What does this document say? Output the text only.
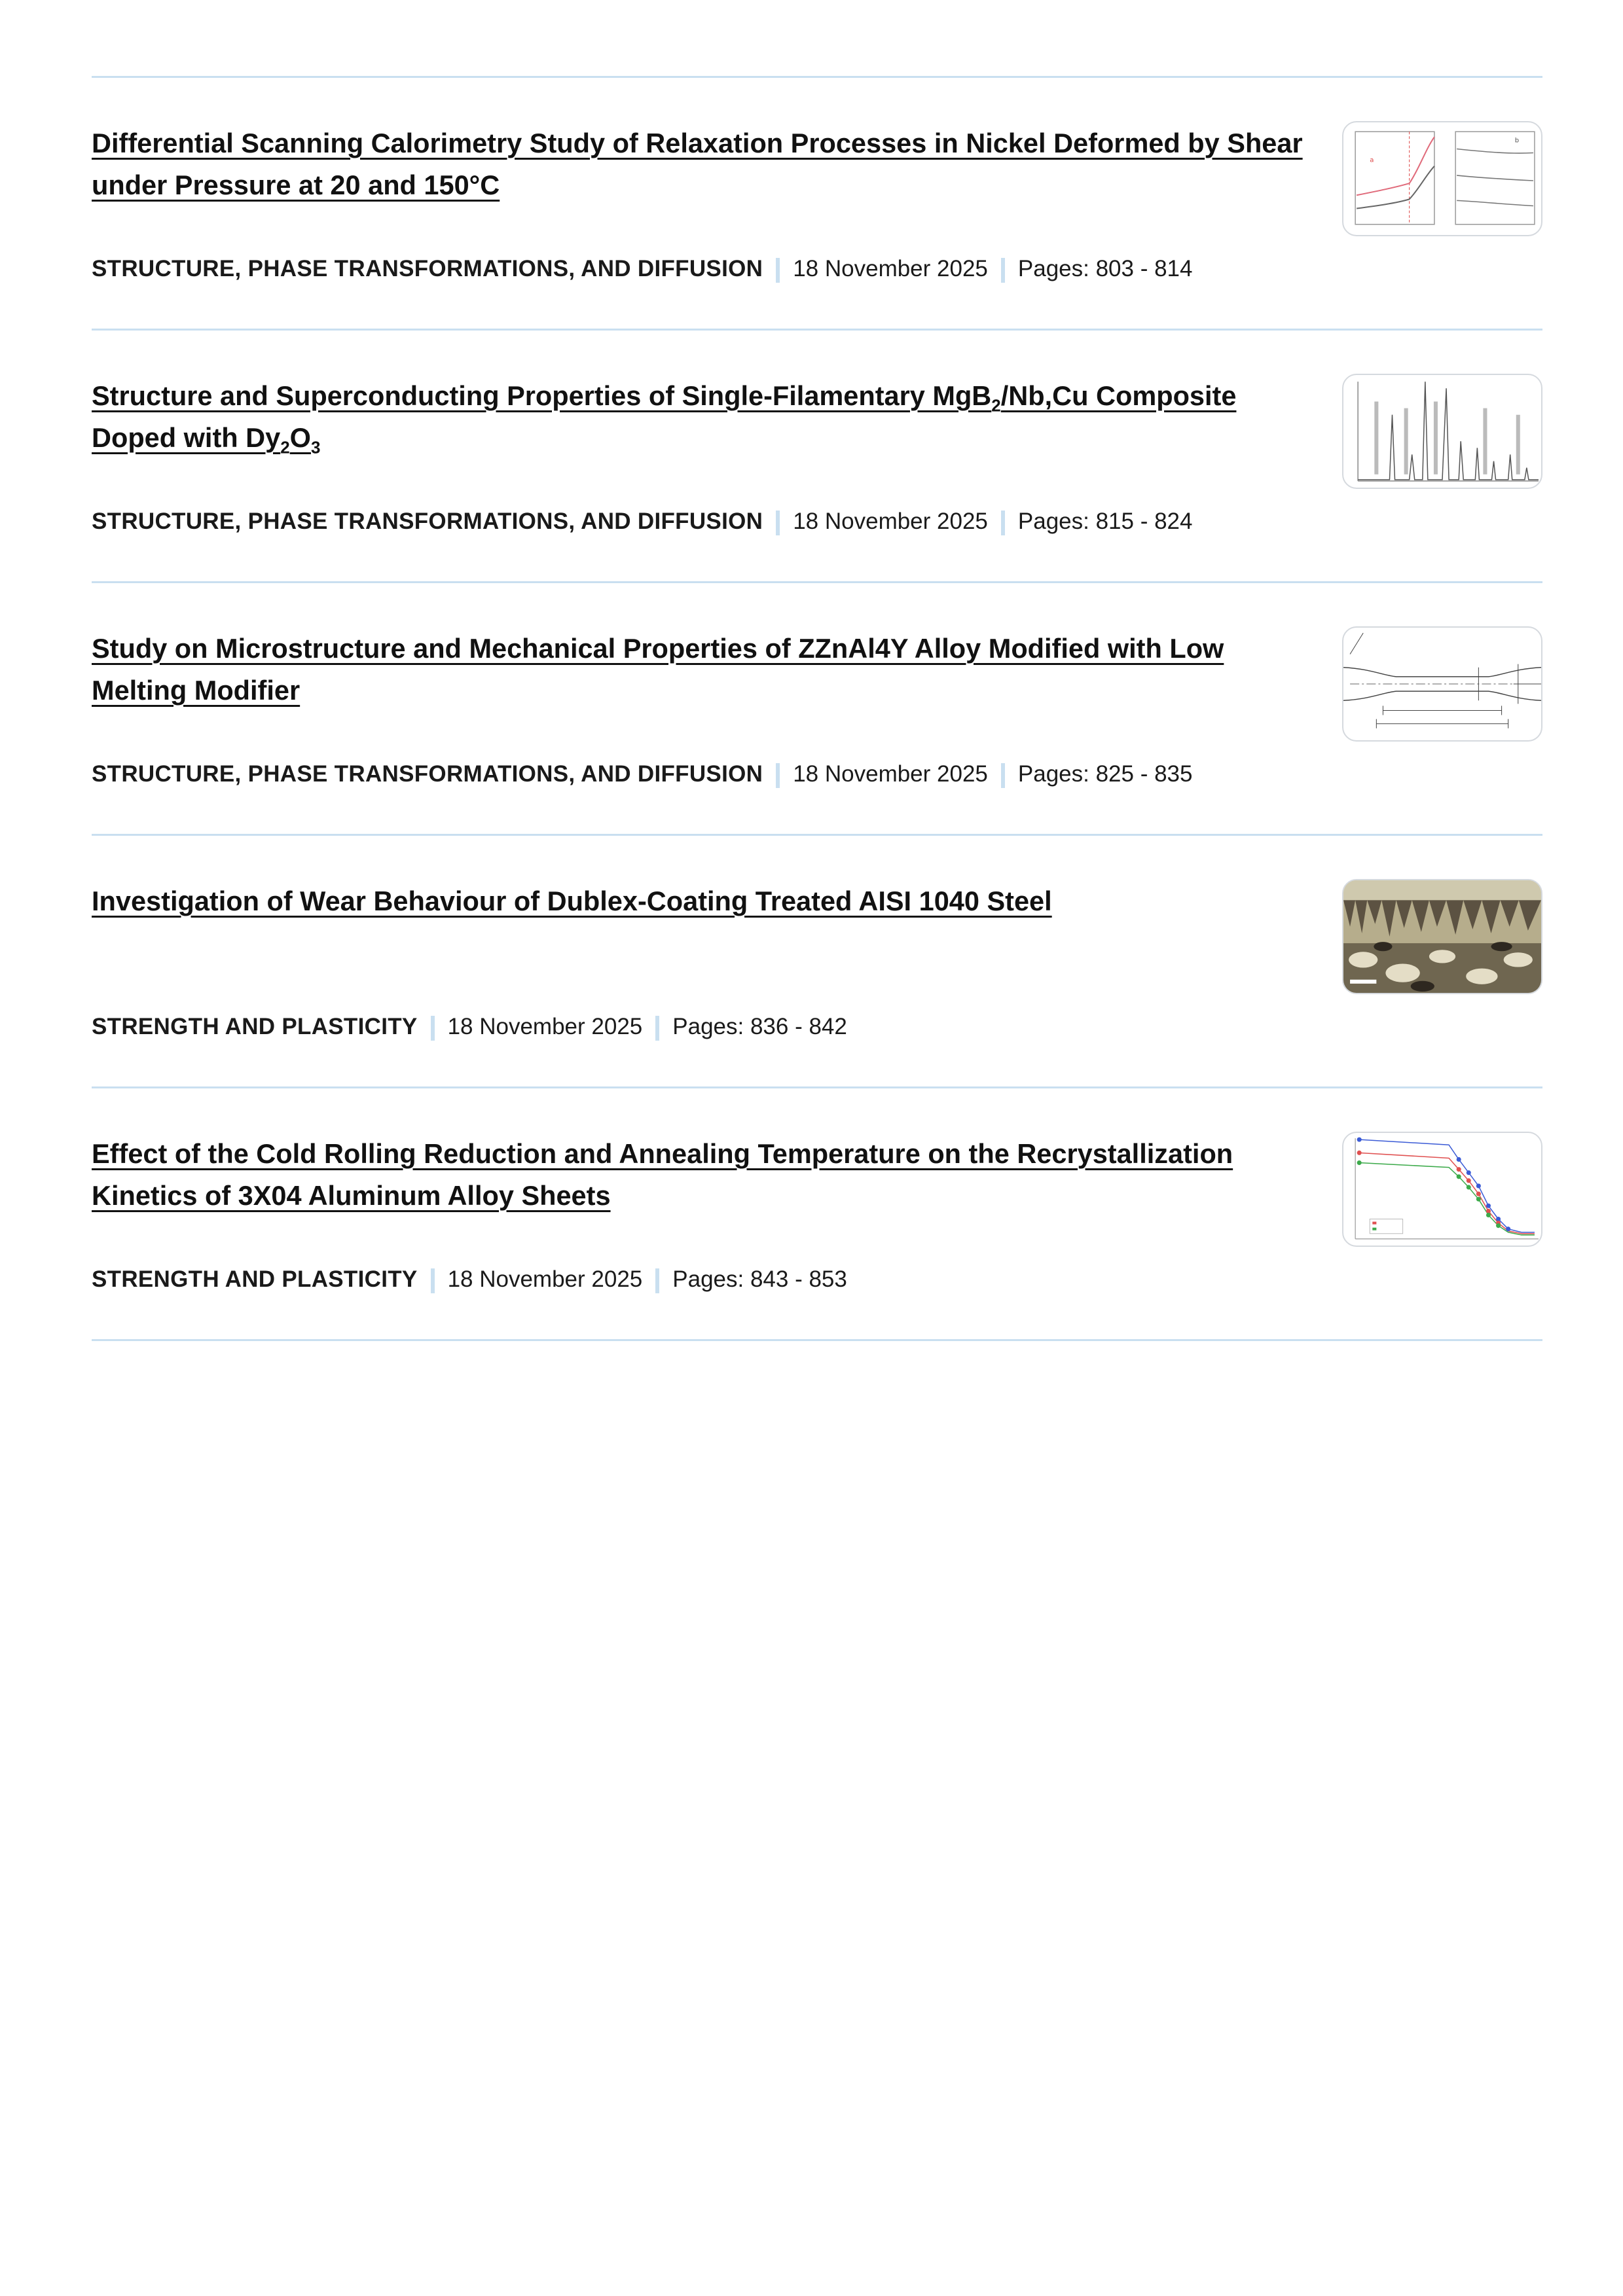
Differential Scanning Calorimetry Study of Relaxation Processes in Nickel Deformed by Shear under Pressure at 20 and 150°C
STRUCTURE, PHASE TRANSFORMATIONS, AND DIFFUSION 18 November 2025 Pages: 803 - 814
a
b
Structure and Superconducting Properties of Single-Filamentary MgB$_2$/Nb,Cu Composite Doped with $Dy_2O_3$
STRUCTURE, PHASE TRANSFORMATIONS, AND DIFFUSION 18 November 2025 Pages: 815 - 824
Study on Microstructure and Mechanical Properties of ZZnAl4Y Alloy Modified with Low Melting Modifier
STRUCTURE, PHASE TRANSFORMATIONS, AND DIFFUSION 18 November 2025 Pages: 825 - 835
Investigation of Wear Behaviour of Dublex-Coating Treated AISI 1040 Steel
STRENGTH AND PLASTICITY 18 November 2025 Pages: 836 - 842
Effect of the Cold Rolling Reduction and Annealing Temperature on the Recrystallization Kinetics of 3X04 Aluminum Alloy Sheets
STRENGTH AND PLASTICITY 18 November 2025 Pages: 843 - 853
